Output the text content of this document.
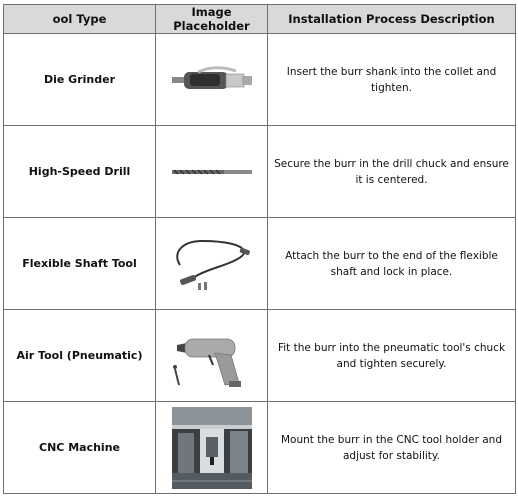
ool Type	Image Placeholder	Installation Process Description
Die Grinder		Insert the burr shank into the collet and tighten.
High-Speed Drill		Secure the burr in the drill chuck and ensure it is centered.
Flexible Shaft Tool		Attach the burr to the end of the flexible shaft and lock in place.
Air Tool (Pneumatic)		Fit the burr into the pneumatic tool's chuck and tighten securely.
CNC Machine		Mount the burr in the CNC tool holder and adjust for stability.
